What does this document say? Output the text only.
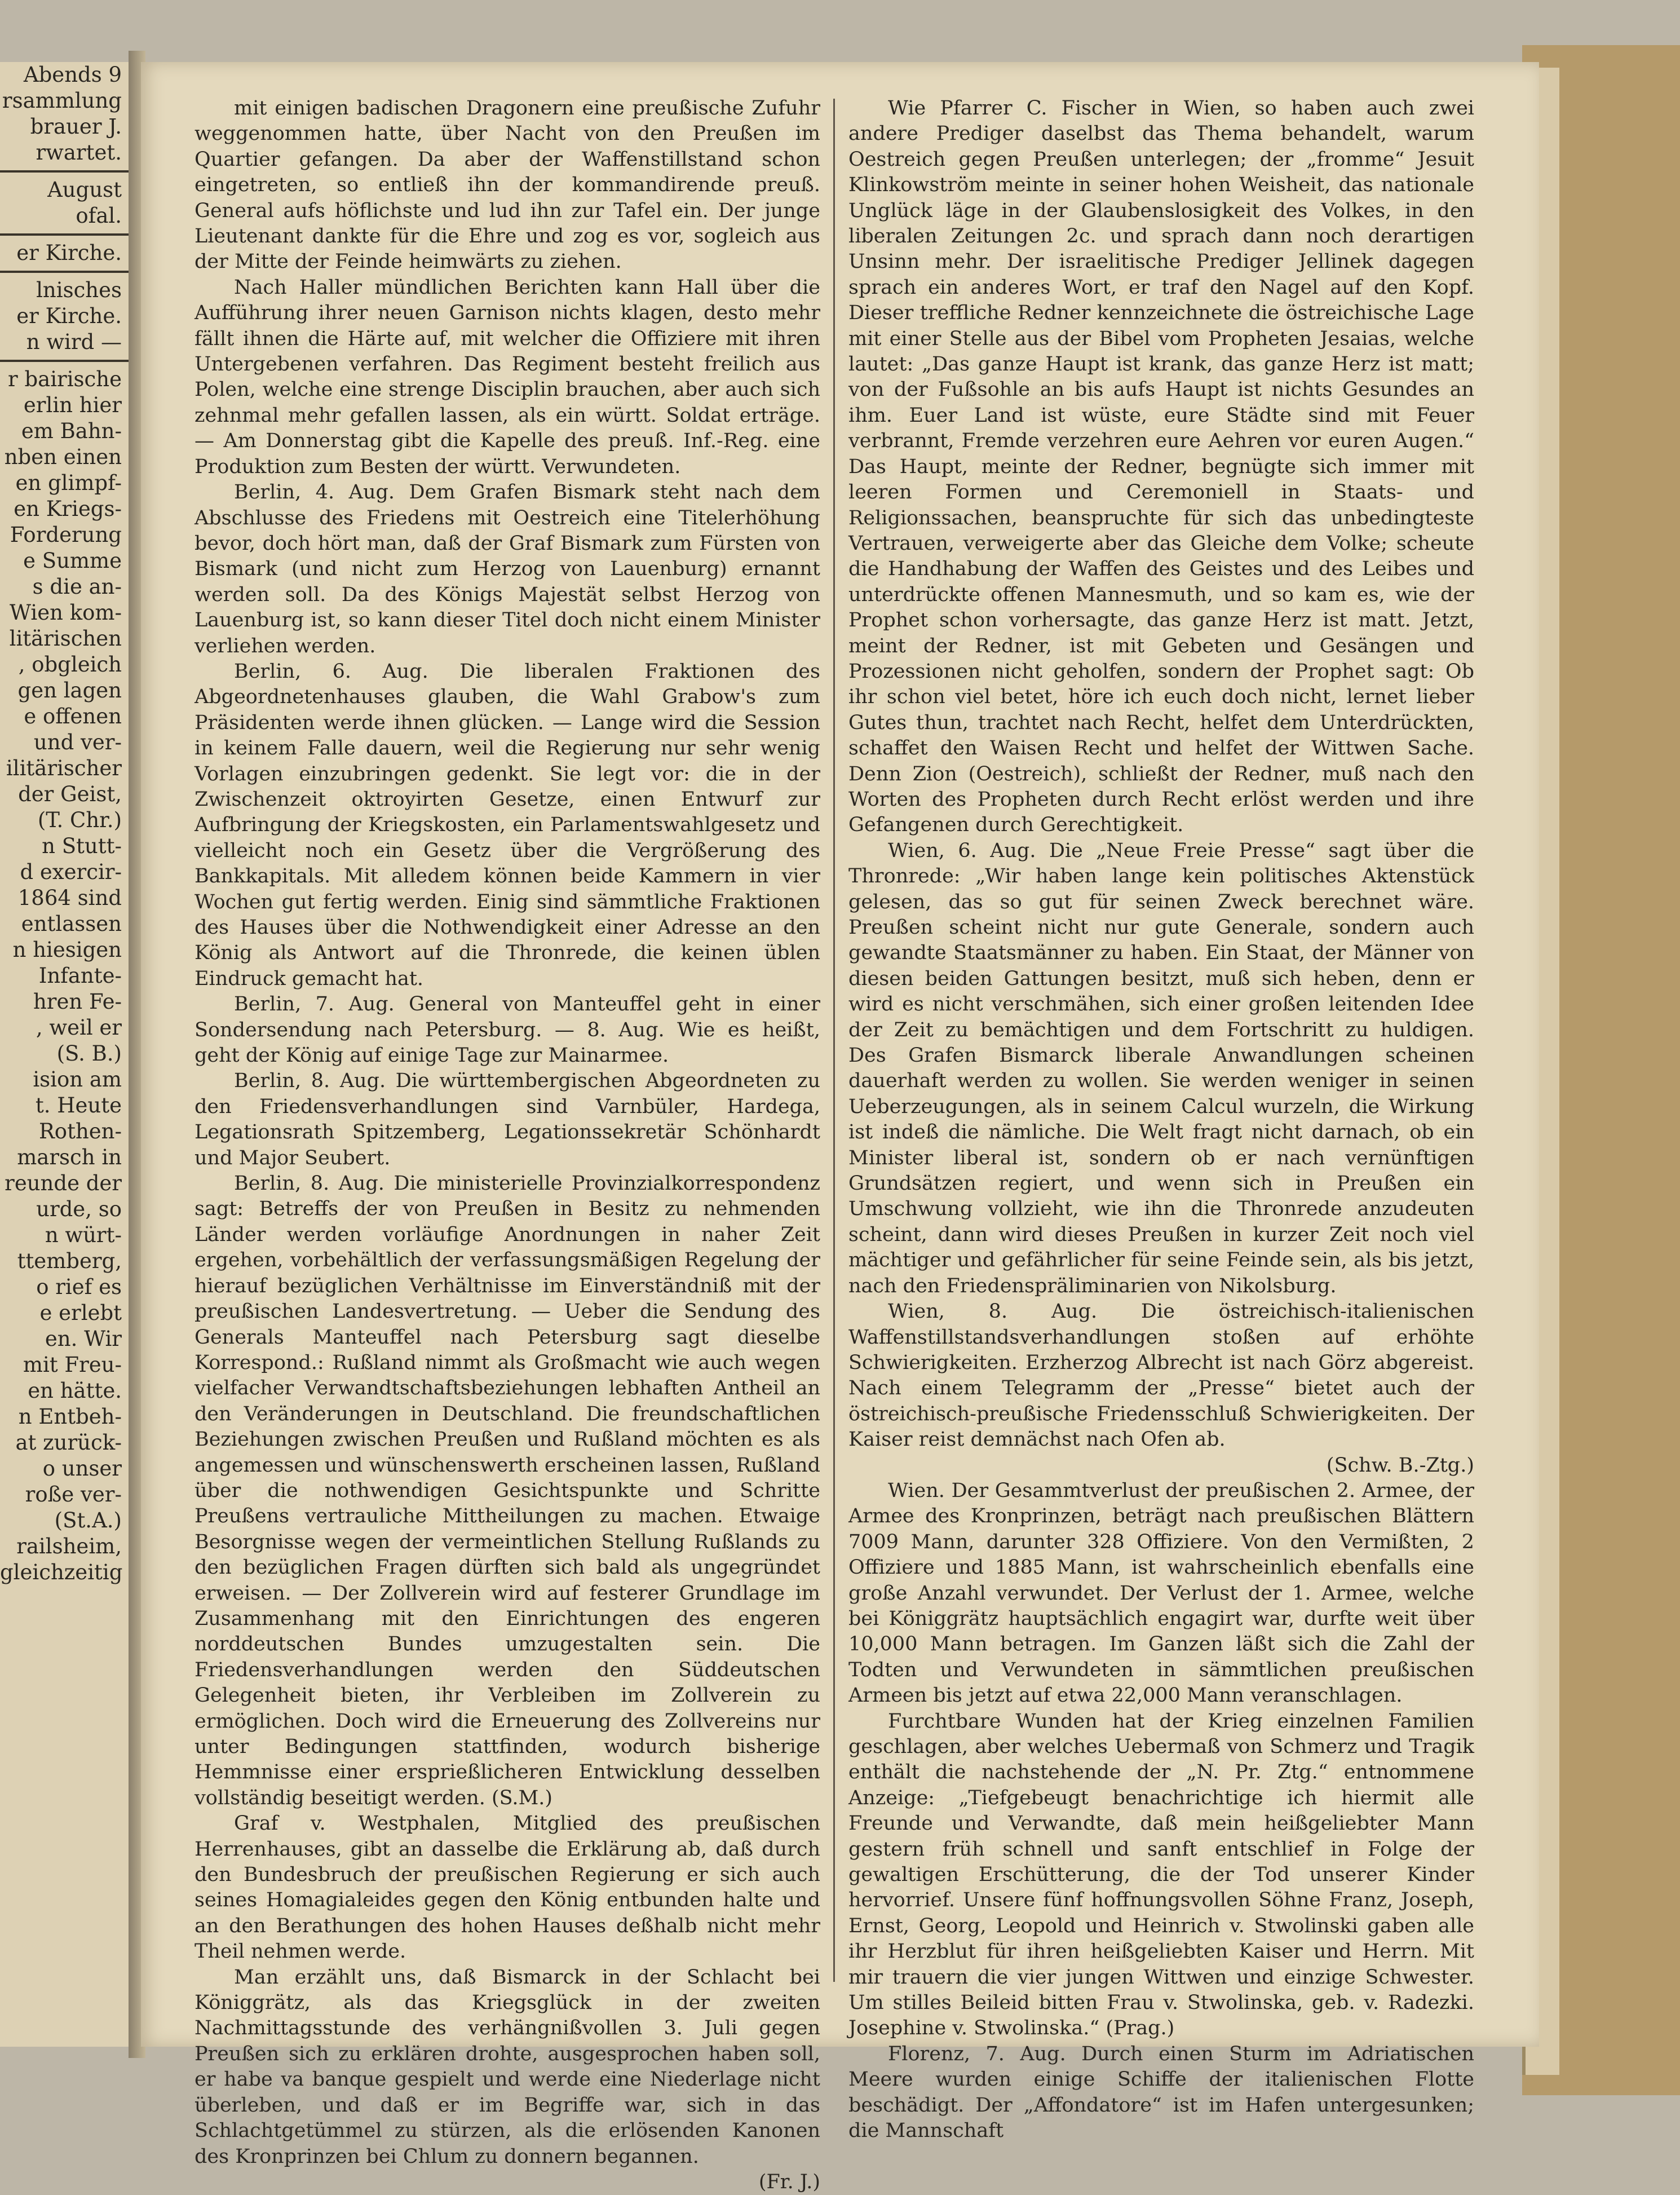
Abends 9
rsammlung
brauer J.
rwartet.
August
ofal.
er Kirche.
lnisches
er Kirche.
n wird —
r bairische
erlin hier
em Bahn-
nben einen
en glimpf-
en Kriegs-
Forderung
e Summe
s die an-
Wien kom-
litärischen
, obgleich
gen lagen
e offenen
und ver-
ilitärischer
der Geist,
(T. Chr.)
n Stutt-
d exercir-
1864 sind
entlassen
n hiesigen
Infante-
hren Fe-
, weil er
(S. B.)
ision am
t. Heute
Rothen-
marsch in
reunde der
urde, so
n würt-
ttemberg,
o rief es
e erlebt
en. Wir
mit Freu-
en hätte.
n Entbeh-
at zurück-
o unser
roße ver-
(St.A.)
railsheim,
gleichzeitig

mit einigen badischen Dragonern eine preußische Zufuhr weggenommen hatte, über Nacht von den Preußen im Quartier gefangen. Da aber der Waffenstillstand schon eingetreten, so entließ ihn der kommandirende preuß. General aufs höflichste und lud ihn zur Tafel ein. Der junge Lieutenant dankte für die Ehre und zog es vor, sogleich aus der Mitte der Feinde heimwärts zu ziehen.

Nach Haller mündlichen Berichten kann Hall über die Aufführung ihrer neuen Garnison nichts klagen, desto mehr fällt ihnen die Härte auf, mit welcher die Offiziere mit ihren Untergebenen verfahren. Das Regiment besteht freilich aus Polen, welche eine strenge Disciplin brauchen, aber auch sich zehnmal mehr gefallen lassen, als ein württ. Soldat erträge. — Am Donnerstag gibt die Kapelle des preuß. Inf.-Reg. eine Produktion zum Besten der württ. Verwundeten.

Berlin, 4. Aug. Dem Grafen Bismark steht nach dem Abschlusse des Friedens mit Oestreich eine Titelerhöhung bevor, doch hört man, daß der Graf Bismark zum Fürsten von Bismark (und nicht zum Herzog von Lauenburg) ernannt werden soll. Da des Königs Majestät selbst Herzog von Lauenburg ist, so kann dieser Titel doch nicht einem Minister verliehen werden.

Berlin, 6. Aug. Die liberalen Fraktionen des Abgeordnetenhauses glauben, die Wahl Grabow's zum Präsidenten werde ihnen glücken. — Lange wird die Session in keinem Falle dauern, weil die Regierung nur sehr wenig Vorlagen einzubringen gedenkt. Sie legt vor: die in der Zwischenzeit oktroyirten Gesetze, einen Entwurf zur Aufbringung der Kriegskosten, ein Parlamentswahlgesetz und vielleicht noch ein Gesetz über die Vergrößerung des Bankkapitals. Mit alledem können beide Kammern in vier Wochen gut fertig werden. Einig sind sämmtliche Fraktionen des Hauses über die Nothwendigkeit einer Adresse an den König als Antwort auf die Thronrede, die keinen üblen Eindruck gemacht hat.

Berlin, 7. Aug. General von Manteuffel geht in einer Sondersendung nach Petersburg. — 8. Aug. Wie es heißt, geht der König auf einige Tage zur Mainarmee.

Berlin, 8. Aug. Die württembergischen Abgeordneten zu den Friedensverhandlungen sind Varnbüler, Hardega, Legationsrath Spitzemberg, Legationssekretär Schönhardt und Major Seubert.

Berlin, 8. Aug. Die ministerielle Provinzialkorrespondenz sagt: Betreffs der von Preußen in Besitz zu nehmenden Länder werden vorläufige Anordnungen in naher Zeit ergehen, vorbehältlich der verfassungsmäßigen Regelung der hierauf bezüglichen Verhältnisse im Einverständniß mit der preußischen Landesvertretung. — Ueber die Sendung des Generals Manteuffel nach Petersburg sagt dieselbe Korrespond.: Rußland nimmt als Großmacht wie auch wegen vielfacher Verwandtschaftsbeziehungen lebhaften Antheil an den Veränderungen in Deutschland. Die freundschaftlichen Beziehungen zwischen Preußen und Rußland möchten es als angemessen und wünschenswerth erscheinen lassen, Rußland über die nothwendigen Gesichtspunkte und Schritte Preußens vertrauliche Mittheilungen zu machen. Etwaige Besorgnisse wegen der vermeintlichen Stellung Rußlands zu den bezüglichen Fragen dürften sich bald als ungegründet erweisen. — Der Zollverein wird auf festerer Grundlage im Zusammenhang mit den Einrichtungen des engeren norddeutschen Bundes umzugestalten sein. Die Friedensverhandlungen werden den Süddeutschen Gelegenheit bieten, ihr Verbleiben im Zollverein zu ermöglichen. Doch wird die Erneuerung des Zollvereins nur unter Bedingungen stattfinden, wodurch bisherige Hemmnisse einer ersprießlicheren Entwicklung desselben vollständig beseitigt werden. (S.M.)

Graf v. Westphalen, Mitglied des preußischen Herrenhauses, gibt an dasselbe die Erklärung ab, daß durch den Bundesbruch der preußischen Regierung er sich auch seines Homagialeides gegen den König entbunden halte und an den Berathungen des hohen Hauses deßhalb nicht mehr Theil nehmen werde.

Man erzählt uns, daß Bismarck in der Schlacht bei Königgrätz, als das Kriegsglück in der zweiten Nachmittagsstunde des verhängnißvollen 3. Juli gegen Preußen sich zu erklären drohte, ausgesprochen haben soll, er habe va banque gespielt und werde eine Niederlage nicht überleben, und daß er im Begriffe war, sich in das Schlachtgetümmel zu stürzen, als die erlösenden Kanonen des Kronprinzen bei Chlum zu donnern begannen.

(Fr. J.)

Wie Pfarrer C. Fischer in Wien, so haben auch zwei andere Prediger daselbst das Thema behandelt, warum Oestreich gegen Preußen unterlegen; der „fromme“ Jesuit Klinkowström meinte in seiner hohen Weisheit, das nationale Unglück läge in der Glaubenslosigkeit des Volkes, in den liberalen Zeitungen 2c. und sprach dann noch derartigen Unsinn mehr. Der israelitische Prediger Jellinek dagegen sprach ein anderes Wort, er traf den Nagel auf den Kopf. Dieser treffliche Redner kennzeichnete die östreichische Lage mit einer Stelle aus der Bibel vom Propheten Jesaias, welche lautet: „Das ganze Haupt ist krank, das ganze Herz ist matt; von der Fußsohle an bis aufs Haupt ist nichts Gesundes an ihm. Euer Land ist wüste, eure Städte sind mit Feuer verbrannt, Fremde verzehren eure Aehren vor euren Augen.“ Das Haupt, meinte der Redner, begnügte sich immer mit leeren Formen und Ceremoniell in Staats- und Religionssachen, beanspruchte für sich das unbedingteste Vertrauen, verweigerte aber das Gleiche dem Volke; scheute die Handhabung der Waffen des Geistes und des Leibes und unterdrückte offenen Mannesmuth, und so kam es, wie der Prophet schon vorhersagte, das ganze Herz ist matt. Jetzt, meint der Redner, ist mit Gebeten und Gesängen und Prozessionen nicht geholfen, sondern der Prophet sagt: Ob ihr schon viel betet, höre ich euch doch nicht, lernet lieber Gutes thun, trachtet nach Recht, helfet dem Unterdrückten, schaffet den Waisen Recht und helfet der Wittwen Sache. Denn Zion (Oestreich), schließt der Redner, muß nach den Worten des Propheten durch Recht erlöst werden und ihre Gefangenen durch Gerechtigkeit.

Wien, 6. Aug. Die „Neue Freie Presse“ sagt über die Thronrede: „Wir haben lange kein politisches Aktenstück gelesen, das so gut für seinen Zweck berechnet wäre. Preußen scheint nicht nur gute Generale, sondern auch gewandte Staatsmänner zu haben. Ein Staat, der Männer von diesen beiden Gattungen besitzt, muß sich heben, denn er wird es nicht verschmähen, sich einer großen leitenden Idee der Zeit zu bemächtigen und dem Fortschritt zu huldigen. Des Grafen Bismarck liberale Anwandlungen scheinen dauerhaft werden zu wollen. Sie werden weniger in seinen Ueberzeugungen, als in seinem Calcul wurzeln, die Wirkung ist indeß die nämliche. Die Welt fragt nicht darnach, ob ein Minister liberal ist, sondern ob er nach vernünftigen Grundsätzen regiert, und wenn sich in Preußen ein Umschwung vollzieht, wie ihn die Thronrede anzudeuten scheint, dann wird dieses Preußen in kurzer Zeit noch viel mächtiger und gefährlicher für seine Feinde sein, als bis jetzt, nach den Friedenspräliminarien von Nikolsburg.

Wien, 8. Aug. Die östreichisch-italienischen Waffenstillstandsverhandlungen stoßen auf erhöhte Schwierigkeiten. Erzherzog Albrecht ist nach Görz abgereist. Nach einem Telegramm der „Presse“ bietet auch der östreichisch-preußische Friedensschluß Schwierigkeiten. Der Kaiser reist demnächst nach Ofen ab.

(Schw. B.-Ztg.)

Wien. Der Gesammtverlust der preußischen 2. Armee, der Armee des Kronprinzen, beträgt nach preußischen Blättern 7009 Mann, darunter 328 Offiziere. Von den Vermißten, 2 Offiziere und 1885 Mann, ist wahrscheinlich ebenfalls eine große Anzahl verwundet. Der Verlust der 1. Armee, welche bei Königgrätz hauptsächlich engagirt war, durfte weit über 10,000 Mann betragen. Im Ganzen läßt sich die Zahl der Todten und Verwundeten in sämmtlichen preußischen Armeen bis jetzt auf etwa 22,000 Mann veranschlagen.

Furchtbare Wunden hat der Krieg einzelnen Familien geschlagen, aber welches Uebermaß von Schmerz und Tragik enthält die nachstehende der „N. Pr. Ztg.“ entnommene Anzeige: „Tiefgebeugt benachrichtige ich hiermit alle Freunde und Verwandte, daß mein heißgeliebter Mann gestern früh schnell und sanft entschlief in Folge der gewaltigen Erschütterung, die der Tod unserer Kinder hervorrief. Unsere fünf hoffnungsvollen Söhne Franz, Joseph, Ernst, Georg, Leopold und Heinrich v. Stwolinski gaben alle ihr Herzblut für ihren heißgeliebten Kaiser und Herrn. Mit mir trauern die vier jungen Wittwen und einzige Schwester. Um stilles Beileid bitten Frau v. Stwolinska, geb. v. Radezki. Josephine v. Stwolinska.“ (Prag.)

Florenz, 7. Aug. Durch einen Sturm im Adriatischen Meere wurden einige Schiffe der italienischen Flotte beschädigt. Der „Affondatore“ ist im Hafen untergesunken; die Mannschaft
